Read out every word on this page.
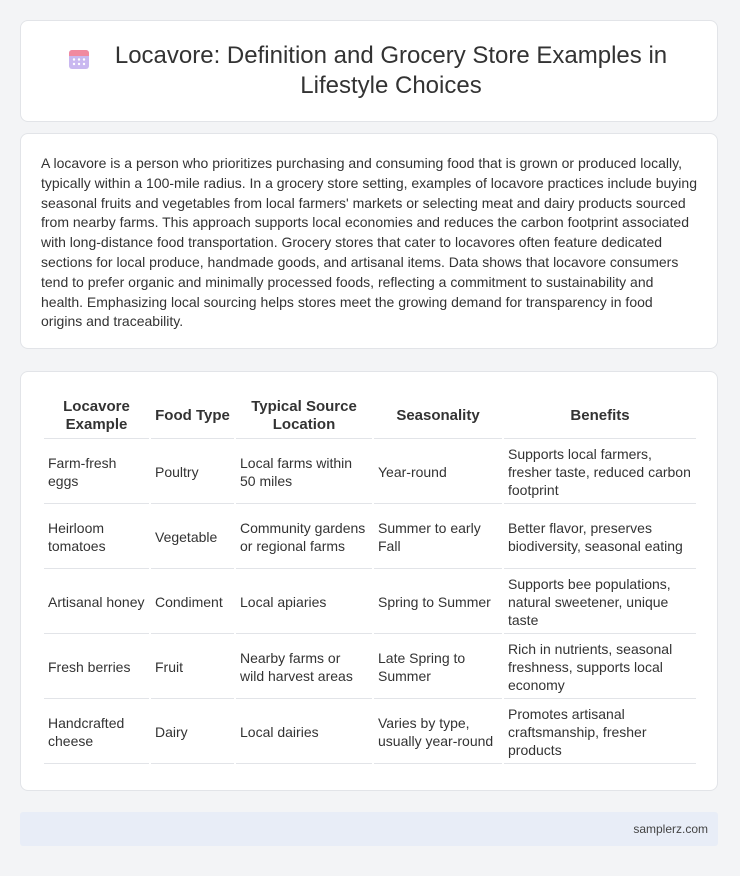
Locavore: Definition and Grocery Store Examples in Lifestyle Choices

A locavore is a person who prioritizes purchasing and consuming food that is grown or produced locally, typically within a 100-mile radius. In a grocery store setting, examples of locavore practices include buying seasonal fruits and vegetables from local farmers' markets or selecting meat and dairy products sourced from nearby farms. This approach supports local economies and reduces the carbon footprint associated with long-distance food transportation. Grocery stores that cater to locavores often feature dedicated sections for local produce, handmade goods, and artisanal items. Data shows that locavore consumers tend to prefer organic and minimally processed foods, reflecting a commitment to sustainability and health. Emphasizing local sourcing helps stores meet the growing demand for transparency in food origins and traceability.

Locavore Example	Food Type	Typical Source Location	Seasonality	Benefits
Farm-fresh eggs	Poultry	Local farms within 50 miles	Year-round	Supports local farmers, fresher taste, reduced carbon footprint
Heirloom tomatoes	Vegetable	Community gardens or regional farms	Summer to early Fall	Better flavor, preserves biodiversity, seasonal eating
Artisanal honey	Condiment	Local apiaries	Spring to Summer	Supports bee populations, natural sweetener, unique taste
Fresh berries	Fruit	Nearby farms or wild harvest areas	Late Spring to Summer	Rich in nutrients, seasonal freshness, supports local economy
Handcrafted cheese	Dairy	Local dairies	Varies by type, usually year-round	Promotes artisanal craftsmanship, fresher products
samplerz.com
